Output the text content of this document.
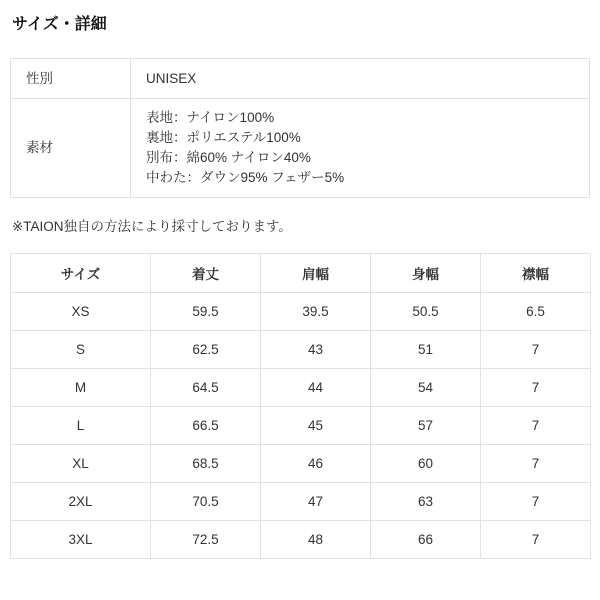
サイズ・詳細
性別	UNISEX

素材	表地：ナイロン100%
裏地：ポリエステル100%
別布：綿60% ナイロン40%
中わた：ダウン95% フェザー5%

※TAION独自の方法により採寸しております。

サイズ	着丈	肩幅	身幅	襟幅
XS	59.5	39.5	50.5	6.5
S	62.5	43	51	7
M	64.5	44	54	7
L	66.5	45	57	7
XL	68.5	46	60	7
2XL	70.5	47	63	7
3XL	72.5	48	66	7
